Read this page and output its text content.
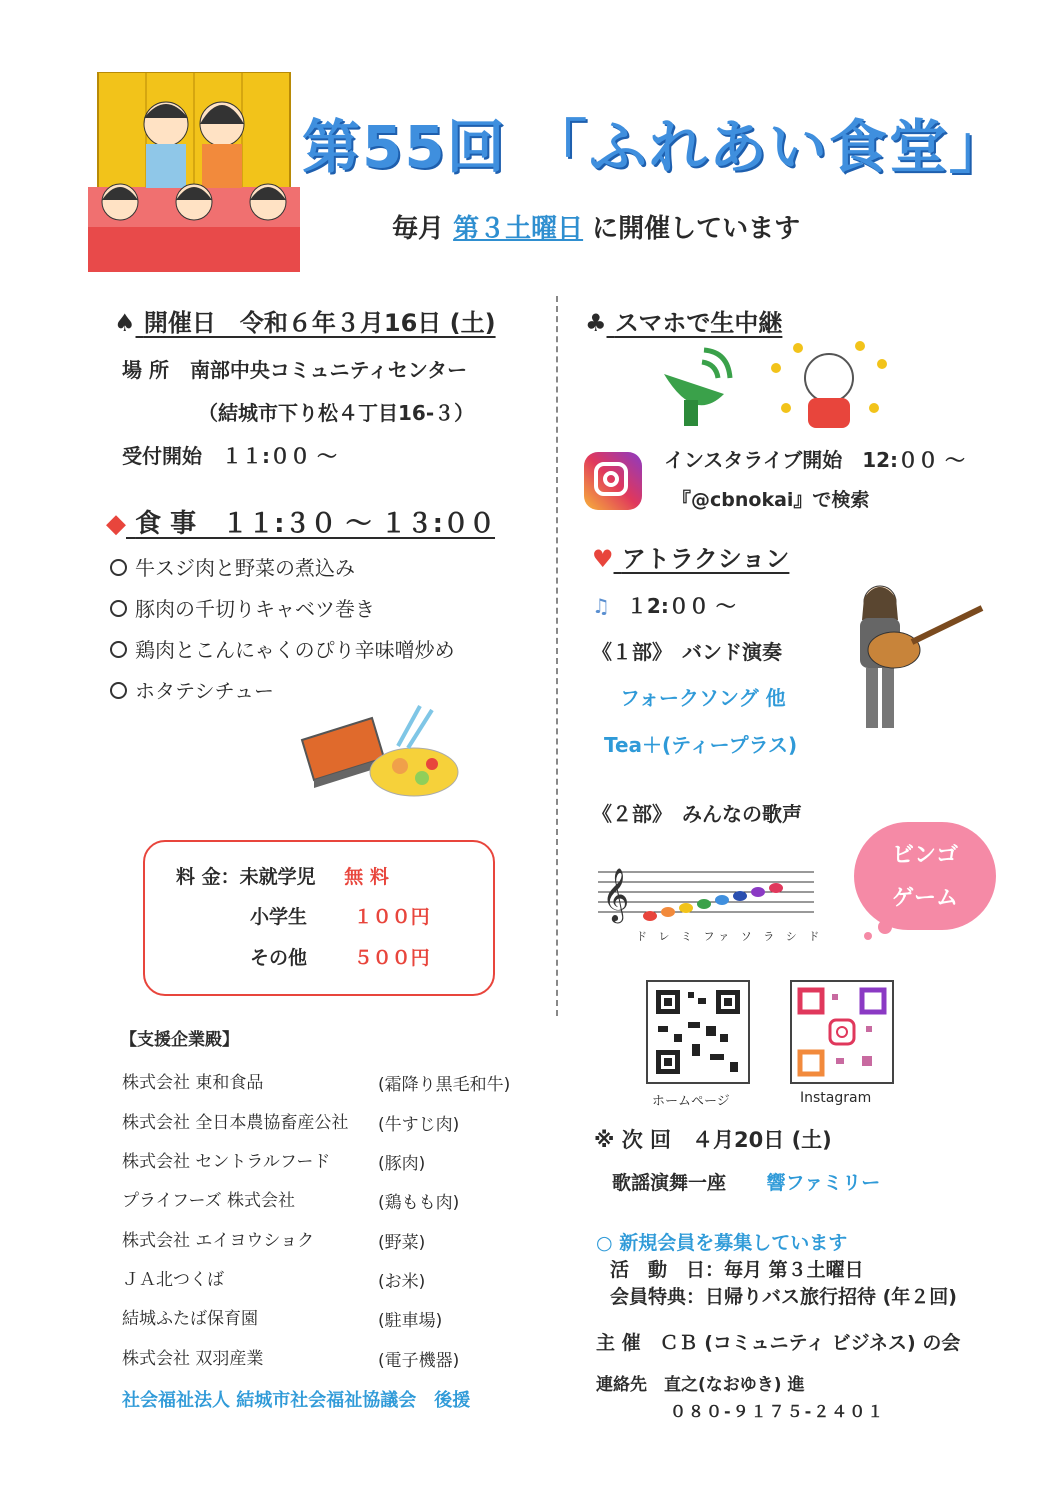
第55回 「ふれあい食堂」
毎月 第３土曜日 に開催しています
♠ 開催日　令和６年３月16日 (土)
場 所 南部中央コミュニティセンター
（結城市下り松４丁目16-３）
受付開始　１１:００ ～
◆ 食 事　１１:３０ ～ １３:００
牛スジ肉と野菜の煮込み
豚肉の千切りキャベツ巻き
鶏肉とこんにゃくのぴり辛味噌炒め
ホタテシチュー
料 金：未就学児 無 料
小学生 １００円
その他 ５００円
【支援企業殿】
株式会社 東和食品	(霜降り黒毛和牛)
株式会社 全日本農協畜産公社 (牛すじ肉)
株式会社 セントラルフード	(豚肉)
プライフーズ 株式会社	(鶏もも肉)
株式会社 エイヨウショク	(野菜)
ＪＡ北つくば	(お米)
結城ふたば保育園	(駐車場)
株式会社 双羽産業	(電子機器)
社会福祉法人 結城市社会福祉協議会　後援
♣ スマホで生中継
インスタライブ開始　12:００ ～
『@cbnokai』で検索
♥ アトラクション
♫ １2:００ ～
《１部》　バンド演奏
フォークソング 他
Tea＋(ティープラス)
《２部》　みんなの歌声
𝄞
ド レ ミ ファ ソ ラ シ ド
ビンゴ
ゲーム
ホームページ	Instagram
※ 次 回　４月20日 (土)
歌謡演舞一座 響ファミリー
○ 新規会員を募集しています
活　動　日：毎月 第３土曜日
会員特典：日帰りバス旅行招待 (年２回)
主 催　ＣＢ (コミュニティ ビジネス) の会
連絡先　直之(なおゆき) 進
０８０-９１７５-２４０１
